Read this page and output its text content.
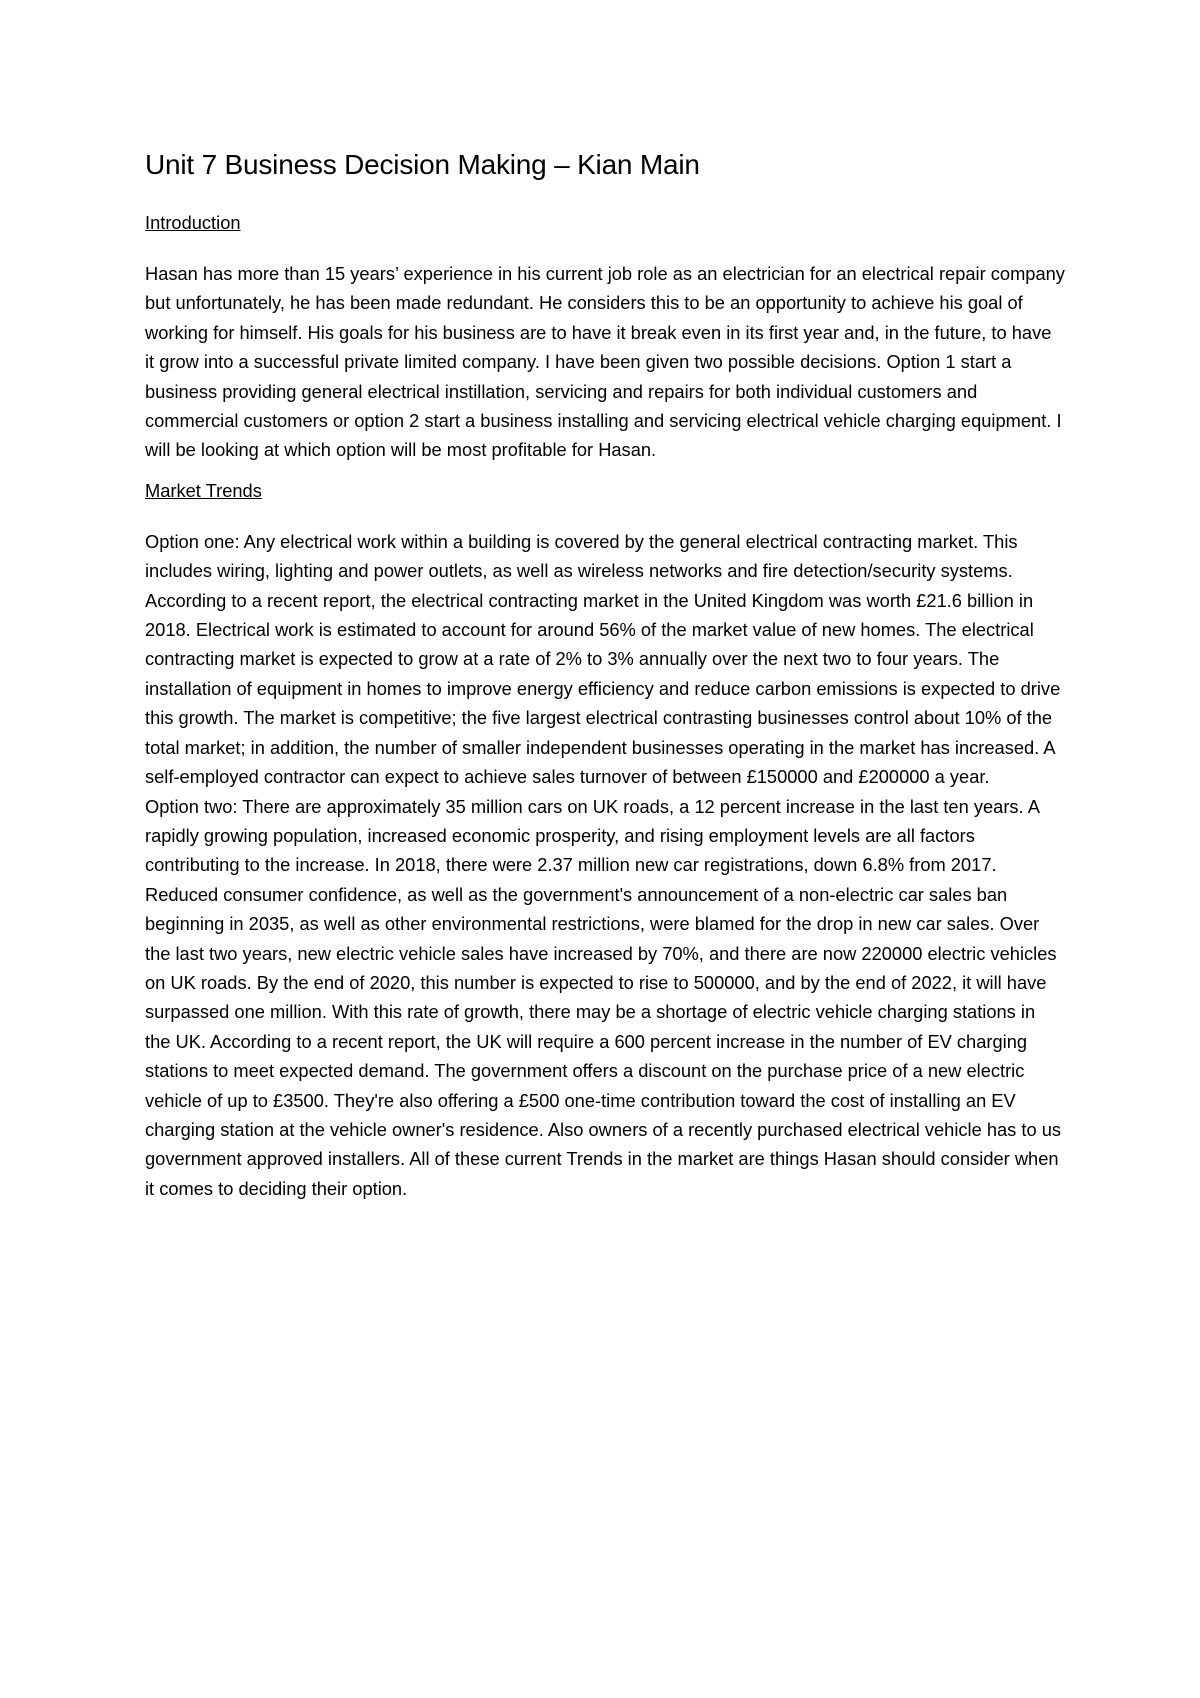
Unit 7 Business Decision Making – Kian Main
Introduction

Hasan has more than 15 years’ experience in his current job role as an electrician for an electrical repair company but unfortunately, he has been made redundant. He considers this to be an opportunity to achieve his goal of working for himself. His goals for his business are to have it break even in its first year and, in the future, to have it grow into a successful private limited company. I have been given two possible decisions. Option 1 start a business providing general electrical instillation, servicing and repairs for both individual customers and commercial customers or option 2 start a business installing and servicing electrical vehicle charging equipment. I will be looking at which option will be most profitable for Hasan.

Market Trends

Option one: Any electrical work within a building is covered by the general electrical contracting market. This includes wiring, lighting and power outlets, as well as wireless networks and fire detection/security systems. According to a recent report, the electrical contracting market in the United Kingdom was worth £21.6 billion in 2018. Electrical work is estimated to account for around 56% of the market value of new homes. The electrical contracting market is expected to grow at a rate of 2% to 3% annually over the next two to four years. The installation of equipment in homes to improve energy efficiency and reduce carbon emissions is expected to drive this growth. The market is competitive; the five largest electrical contrasting businesses control about 10% of the total market; in addition, the number of smaller independent businesses operating in the market has increased. A self-employed contractor can expect to achieve sales turnover of between £150000 and £200000 a year.

Option two: There are approximately 35 million cars on UK roads, a 12 percent increase in the last ten years. A rapidly growing population, increased economic prosperity, and rising employment levels are all factors contributing to the increase. In 2018, there were 2.37 million new car registrations, down 6.8% from 2017. Reduced consumer confidence, as well as the government's announcement of a non-electric car sales ban beginning in 2035, as well as other environmental restrictions, were blamed for the drop in new car sales. Over the last two years, new electric vehicle sales have increased by 70%, and there are now 220000 electric vehicles on UK roads. By the end of 2020, this number is expected to rise to 500000, and by the end of 2022, it will have surpassed one million. With this rate of growth, there may be a shortage of electric vehicle charging stations in the UK. According to a recent report, the UK will require a 600 percent increase in the number of EV charging stations to meet expected demand. The government offers a discount on the purchase price of a new electric vehicle of up to £3500. They're also offering a £500 one-time contribution toward the cost of installing an EV charging station at the vehicle owner's residence. Also owners of a recently purchased electrical vehicle has to us government approved installers. All of these current Trends in the market are things Hasan should consider when it comes to deciding their option.
